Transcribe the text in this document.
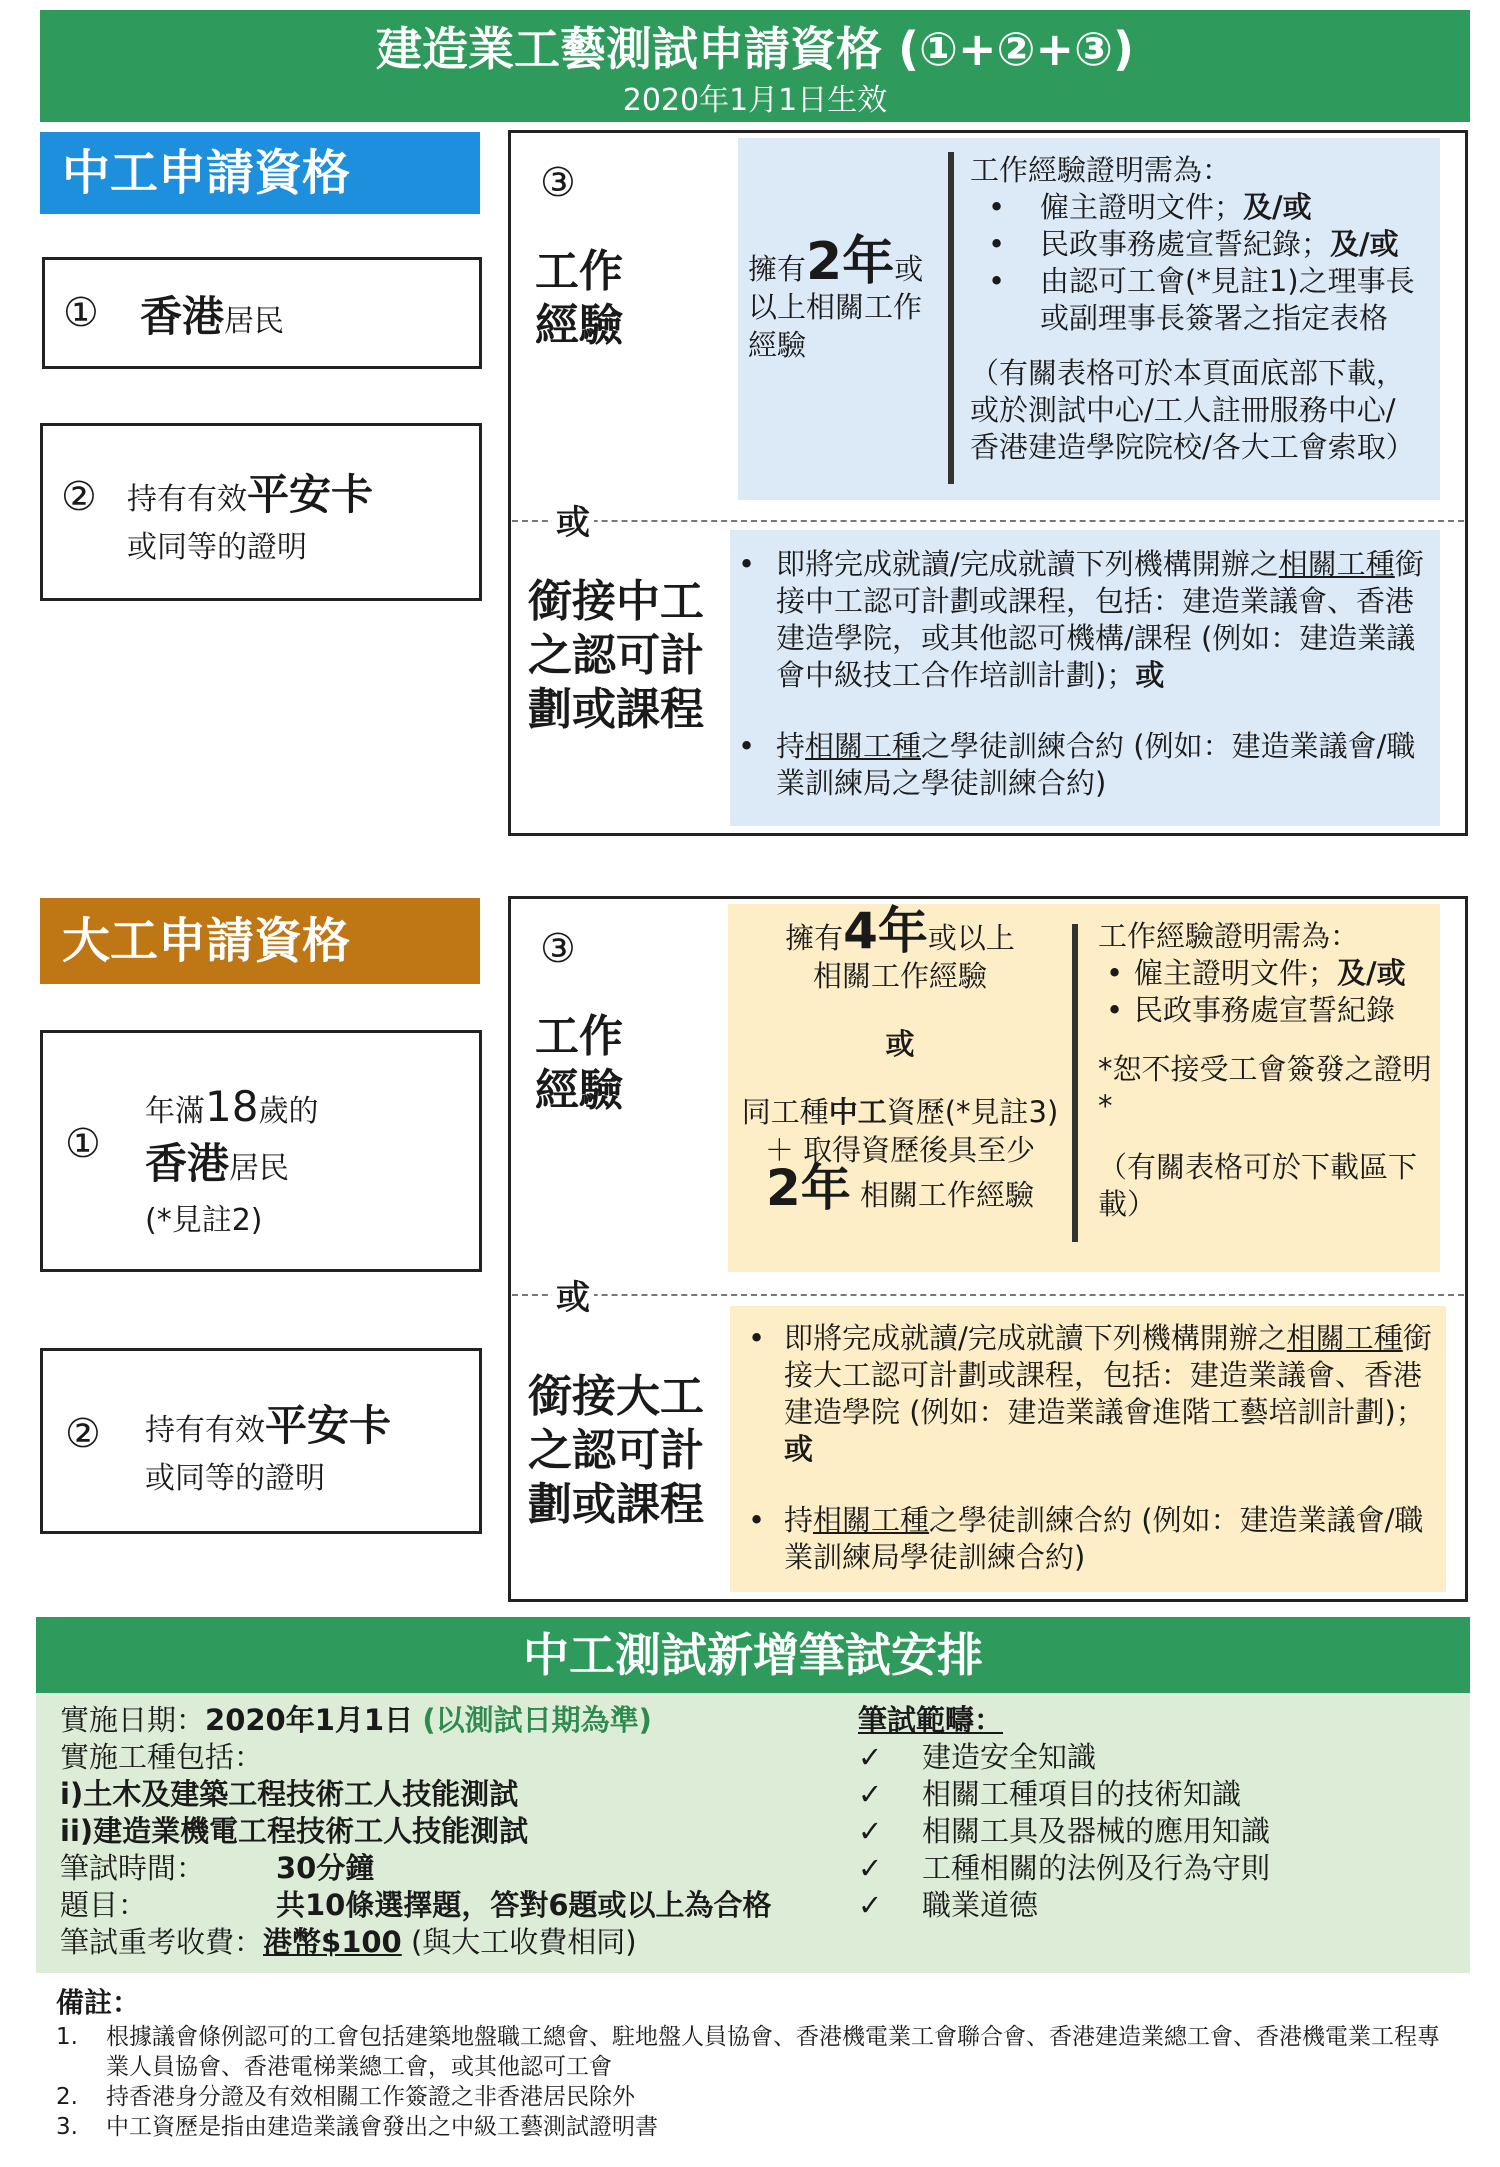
建造業工藝測試申請資格 (①+②+③)
2020年1月1日生效
中工申請資格
① 香港居民
② 持有有效平安卡
或同等的證明
③
工作
經驗
擁有2年或
以上相關工作
經驗
工作經驗證明需為：
• 僱主證明文件；及/或
• 民政事務處宣誓紀錄；及/或
• 由認可工會(*見註1)之理事長或副理事長簽署之指定表格
（有關表格可於本頁面底部下載，
或於測試中心/工人註冊服務中心/
香港建造學院院校/各大工會索取）
或
銜接中工
之認可計
劃或課程
• 即將完成就讀/完成就讀下列機構開辦之相關工種銜接中工認可計劃或課程，包括：建造業議會、香港建造學院，或其他認可機構/課程 (例如：建造業議會中級技工合作培訓計劃)；或
• 持相關工種之學徒訓練合約 (例如：建造業議會/職業訓練局之學徒訓練合約)
大工申請資格
①
年滿18歲的
香港居民
(*見註2)
② 持有有效平安卡
或同等的證明
③
工作
經驗
擁有4年或以上
相關工作經驗
或
同工種中工資歷(*見註3)
＋ 取得資歷後具至少
2年 相關工作經驗
工作經驗證明需為：
• 僱主證明文件；及/或
• 民政事務處宣誓紀錄
*恕不接受工會簽發之證明*
（有關表格可於下載區下載）
或
銜接大工
之認可計
劃或課程
• 即將完成就讀/完成就讀下列機構開辦之相關工種銜接大工認可計劃或課程，包括：建造業議會、香港建造學院 (例如：建造業議會進階工藝培訓計劃)；或
• 持相關工種之學徒訓練合約 (例如：建造業議會/職業訓練局學徒訓練合約)
中工測試新增筆試安排
實施日期：2020年1月1日 (以測試日期為準)
實施工種包括：
i)土木及建築工程技術工人技能測試
ii)建造業機電工程技術工人技能測試
筆試時間：	30分鐘
題目：	共10條選擇題，答對6題或以上為合格
筆試重考收費：港幣$100 (與大工收費相同)
筆試範疇：
✓ 建造安全知識
✓ 相關工種項目的技術知識
✓ 相關工具及器械的應用知識
✓ 工種相關的法例及行為守則
✓ 職業道德
備註：
1. 根據議會條例認可的工會包括建築地盤職工總會、駐地盤人員協會、香港機電業工會聯合會、香港建造業總工會、香港機電業工程專業人員協會、香港電梯業總工會，或其他認可工會
2. 持香港身分證及有效相關工作簽證之非香港居民除外
3. 中工資歷是指由建造業議會發出之中級工藝測試證明書
